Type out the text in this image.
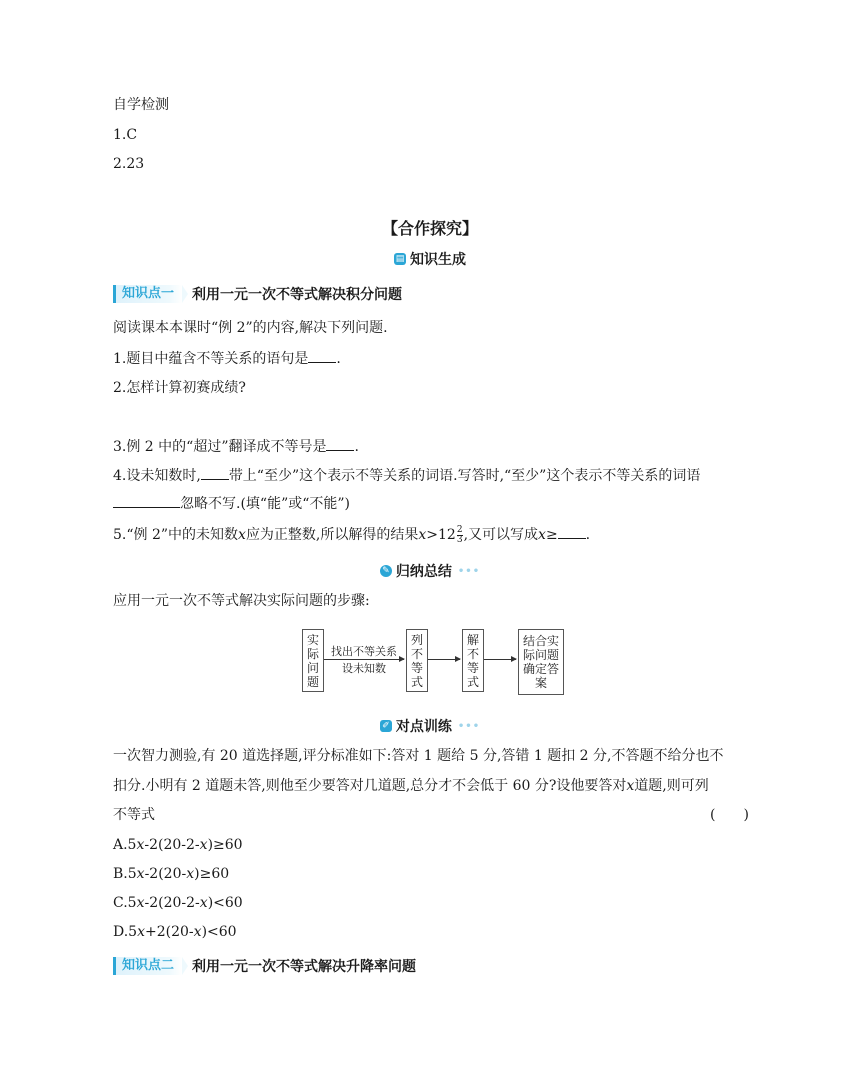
自学检测
1.C
2.23
【合作探究】
▤ 知识生成
知识点一	利用一元一次不等式解决积分问题
阅读课本本课时“例 2”的内容,解决下列问题.
1.题目中蕴含不等关系的语句是 .
2.怎样计算初赛成绩?
3.例 2 中的“超过”翻译成不等号是 .
4.设未知数时, 带上“至少”这个表示不等关系的词语.写答时,“至少”这个表示不等关系的词语
忽略不写.(填“能”或“不能”)
5.“例 2”中的未知数x应为正整数,所以解得的结果$x>12 \frac{2}{3}$ ,又可以写成x≥ .
✎ 归纳总结 •••
应用一元一次不等式解决实际问题的步骤:
实
际
问
题
找出不等关系
设未知数
列
不
等
式
解
不
等
式
结合实
际问题
确定答
案
✐ 对点训练 •••
一次智力测验,有 20 道选择题,评分标准如下:答对 1 题给 5 分,答错 1 题扣 2 分,不答题不给分也不
扣分.小明有 2 道题未答,则他至少要答对几道题,总分才不会低于 60 分?设他要答对x道题,则可列
不等式	(　　)
A.5x-2(20-2-x)≥60
B.5x-2(20-x)≥60
C.5x-2(20-2-x)<60
D.5x+2(20-x)<60
知识点二	利用一元一次不等式解决升降率问题
